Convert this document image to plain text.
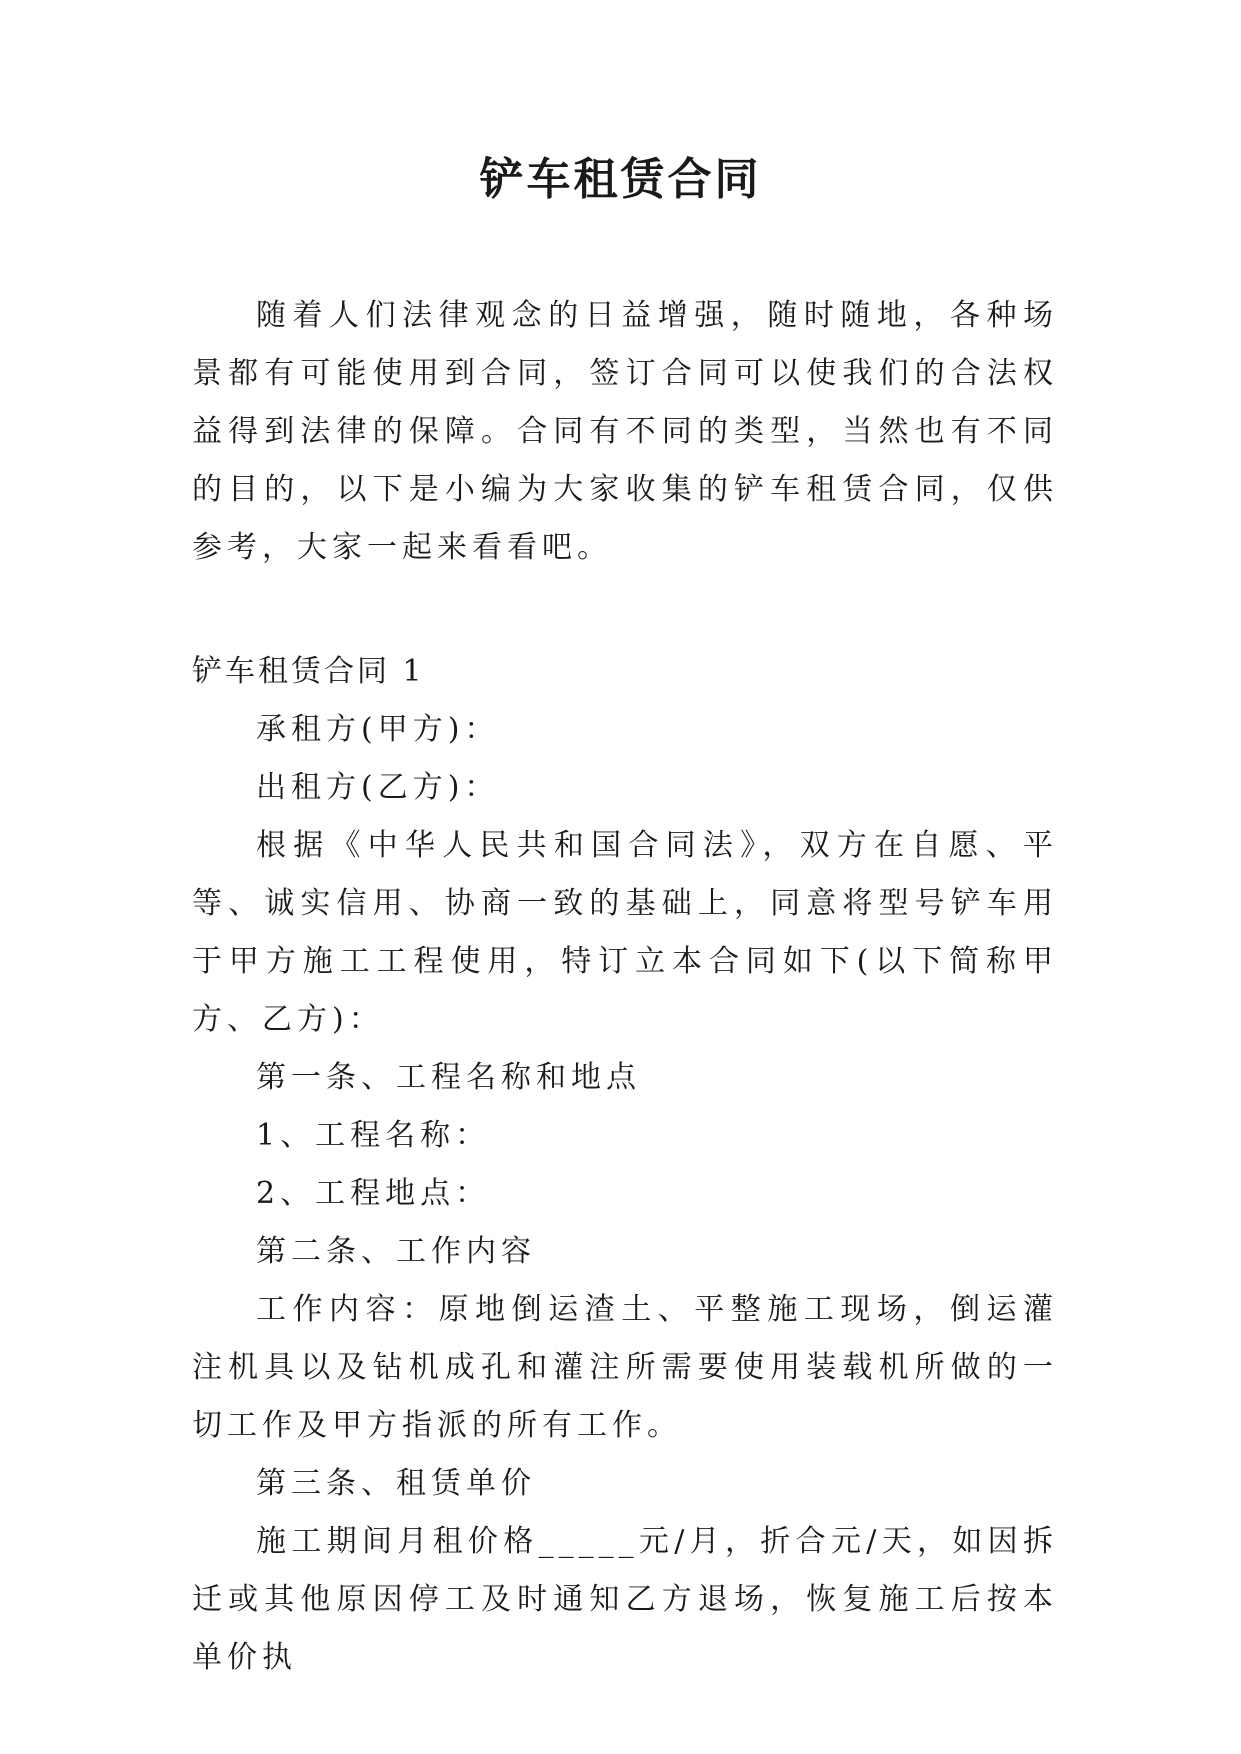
铲车租赁合同

随着人们法律观念的日益增强，随时随地，各种场景都有可能使用到合同，签订合同可以使我们的合法权益得到法律的保障。合同有不同的类型，当然也有不同的目的，以下是小编为大家收集的铲车租赁合同，仅供参考，大家一起来看看吧。

铲车租赁合同 1

承租方(甲方)：

出租方(乙方)：

根据《中华人民共和国合同法》，双方在自愿、平等、诚实信用、协商一致的基础上，同意将型号铲车用于甲方施工工程使用，特订立本合同如下(以下简称甲方、乙方)：

第一条、工程名称和地点

1、工程名称：

2、工程地点：

第二条、工作内容

工作内容：原地倒运渣土、平整施工现场，倒运灌注机具以及钻机成孔和灌注所需要使用装载机所做的一切工作及甲方指派的所有工作。

第三条、租赁单价

施工期间月租价格_____元/月，折合元/天，如因拆迁或其他原因停工及时通知乙方退场，恢复施工后按本单价执
